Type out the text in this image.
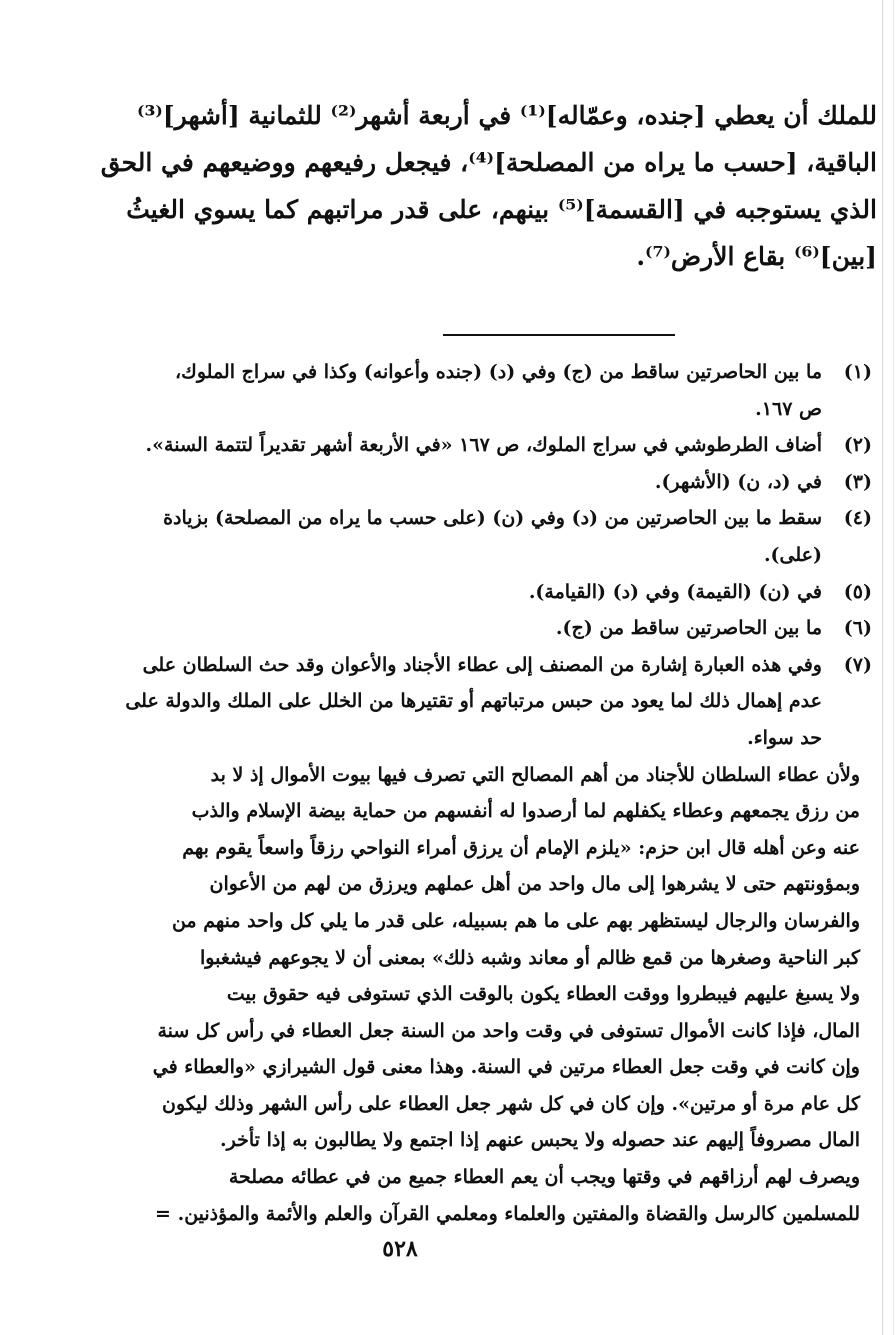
للملك أن يعطي [جنده، وعمّاله]⁽¹⁾ في أربعة أشهر⁽²⁾ للثمانية [أشهر]⁽³⁾

الباقية، [حسب ما يراه من المصلحة]⁽⁴⁾، فيجعل رفيعهم ووضيعهم في الحق

الذي يستوجبه في [القسمة]⁽⁵⁾ بينهم، على قدر مراتبهم كما يسوي الغيثُ

[بين]⁽⁶⁾ بقاع الأرض⁽⁷⁾.

(١)
ما بين الحاصرتين ساقط من (ج) وفي (د) (جنده وأعوانه) وكذا في سراج الملوك،
ص ١٦٧.
(٢)
أضاف الطرطوشي في سراج الملوك، ص ١٦٧ «في الأربعة أشهر تقديراً لتتمة السنة».
(٣)
في (د، ن) (الأشهر).
(٤)
سقط ما بين الحاصرتين من (د) وفي (ن) (على حسب ما يراه من المصلحة) بزيادة
(على).
(٥)
في (ن) (القيمة) وفي (د) (القيامة).
(٦)
ما بين الحاصرتين ساقط من (ج).
(٧)
وفي هذه العبارة إشارة من المصنف إلى عطاء الأجناد والأعوان وقد حث السلطان على
عدم إهمال ذلك لما يعود من حبس مرتباتهم أو تقتيرها من الخلل على الملك والدولة على
حد سواء.
ولأن عطاء السلطان للأجناد من أهم المصالح التي تصرف فيها بيوت الأموال إذ لا بد
من رزق يجمعهم وعطاء يكفلهم لما أرصدوا له أنفسهم من حماية بيضة الإسلام والذب
عنه وعن أهله قال ابن حزم: «يلزم الإمام أن يرزق أمراء النواحي رزقاً واسعاً يقوم بهم
وبمؤونتهم حتى لا يشرهوا إلى مال واحد من أهل عملهم ويرزق من لهم من الأعوان
والفرسان والرجال ليستظهر بهم على ما هم بسبيله، على قدر ما يلي كل واحد منهم من
كبر الناحية وصغرها من قمع ظالم أو معاند وشبه ذلك» بمعنى أن لا يجوعهم فيشغبوا
ولا يسبغ عليهم فيبطروا ووقت العطاء يكون بالوقت الذي تستوفى فيه حقوق بيت
المال، فإذا كانت الأموال تستوفى في وقت واحد من السنة جعل العطاء في رأس كل سنة
وإن كانت في وقت جعل العطاء مرتين في السنة. وهذا معنى قول الشيرازي «والعطاء في
كل عام مرة أو مرتين». وإن كان في كل شهر جعل العطاء على رأس الشهر وذلك ليكون
المال مصروفاً إليهم عند حصوله ولا يحبس عنهم إذا اجتمع ولا يطالبون به إذا تأخر.
ويصرف لهم أرزاقهم في وقتها ويجب أن يعم العطاء جميع من في عطائه مصلحة
للمسلمين كالرسل والقضاة والمفتين والعلماء ومعلمي القرآن والعلم والأئمة والمؤذنين. =
٥٢٨
